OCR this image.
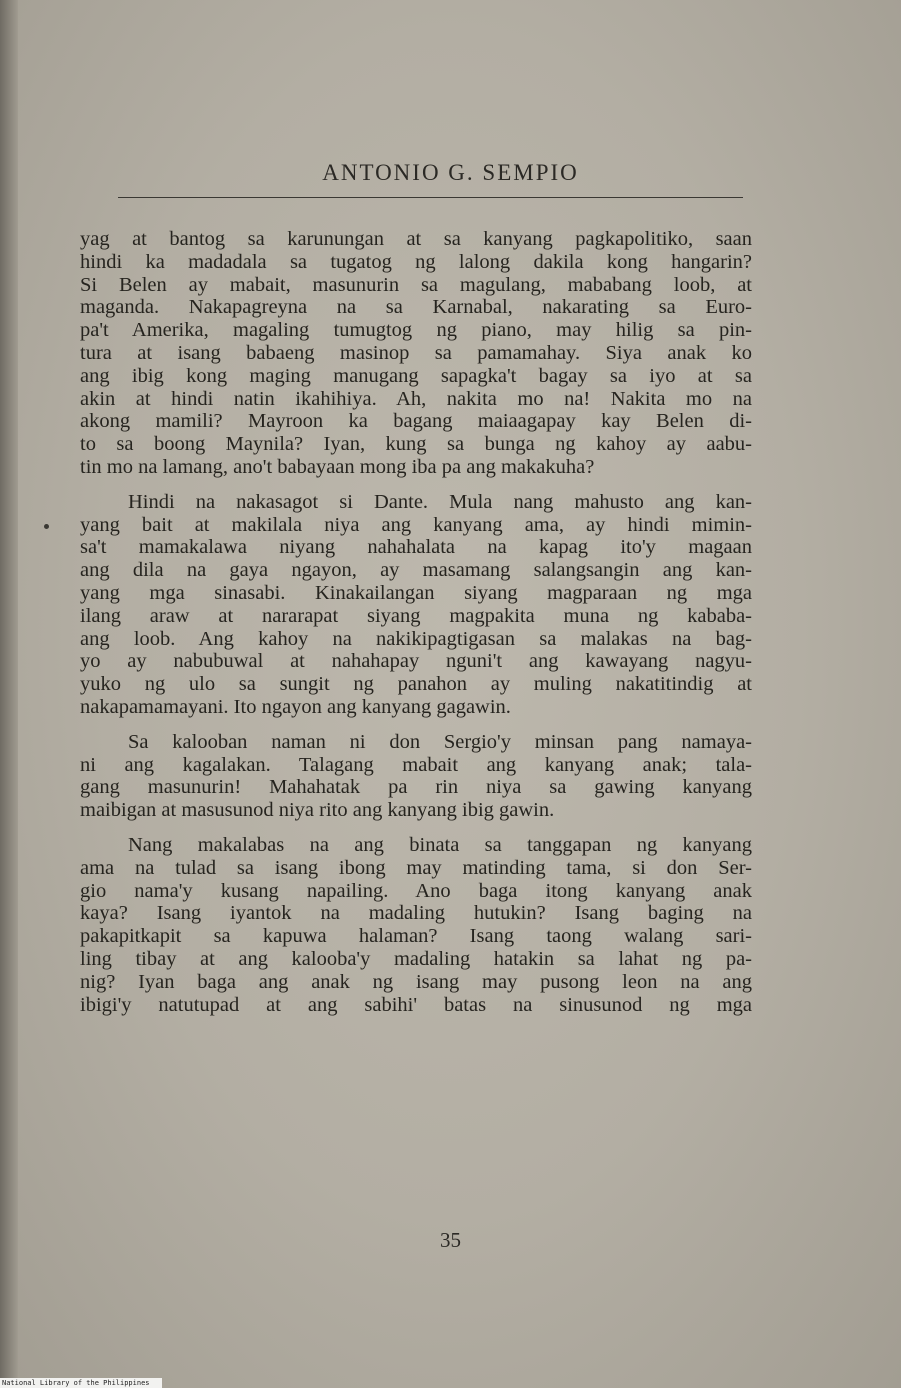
ANTONIO G. SEMPIO

yag at bantog sa karunungan at sa kanyang pagkapolitiko, saan

hindi ka madadala sa tugatog ng lalong dakila kong hangarin?

Si Belen ay mabait, masunurin sa magulang, mababang loob, at

maganda. Nakapagreyna na sa Karnabal, nakarating sa Euro-

pa't Amerika, magaling tumugtog ng piano, may hilig sa pin-

tura at isang babaeng masinop sa pamamahay. Siya anak ko

ang ibig kong maging manugang sapagka't bagay sa iyo at sa

akin at hindi natin ikahihiya. Ah, nakita mo na! Nakita mo na

akong mamili? Mayroon ka bagang maiaagapay kay Belen di-

to sa boong Maynila? Iyan, kung sa bunga ng kahoy ay aabu-

tin mo na lamang, ano't babayaan mong iba pa ang makakuha?

Hindi na nakasagot si Dante. Mula nang mahusto ang kan-

yang bait at makilala niya ang kanyang ama, ay hindi mimin-

sa't mamakalawa niyang nahahalata na kapag ito'y magaan

ang dila na gaya ngayon, ay masamang salangsangin ang kan-

yang mga sinasabi. Kinakailangan siyang magparaan ng mga

ilang araw at nararapat siyang magpakita muna ng kababa-

ang loob. Ang kahoy na nakikipagtigasan sa malakas na bag-

yo ay nabubuwal at nahahapay nguni't ang kawayang nagyu-

yuko ng ulo sa sungit ng panahon ay muling nakatitindig at

nakapamamayani. Ito ngayon ang kanyang gagawin.

Sa kalooban naman ni don Sergio'y minsan pang namaya-

ni ang kagalakan. Talagang mabait ang kanyang anak; tala-

gang masunurin! Mahahatak pa rin niya sa gawing kanyang

maibigan at masusunod niya rito ang kanyang ibig gawin.

Nang makalabas na ang binata sa tanggapan ng kanyang

ama na tulad sa isang ibong may matinding tama, si don Ser-

gio nama'y kusang napailing. Ano baga itong kanyang anak

kaya? Isang iyantok na madaling hutukin? Isang baging na

pakapitkapit sa kapuwa halaman? Isang taong walang sari-

ling tibay at ang kalooba'y madaling hatakin sa lahat ng pa-

nig? Iyan baga ang anak ng isang may pusong leon na ang

ibigi'y natutupad at ang sabihi' batas na sinusunod ng mga

35
National Library of the Philippines
